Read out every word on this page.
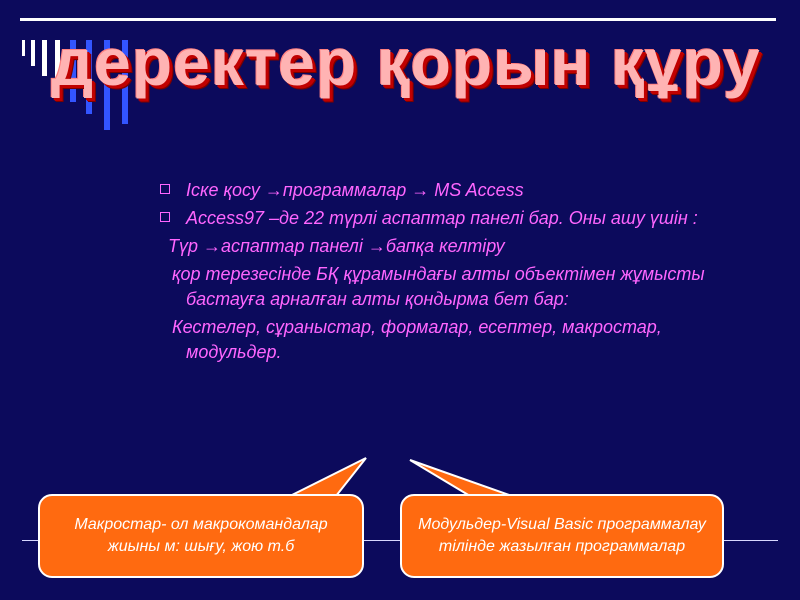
деректер қорын құру
Іске қосу →программалар → MS Access
Access97 –де 22 түрлі аспаптар панелі бар. Оны ашу үшін :
Түр →аспаптар панелі →бапқа келтіру
қор терезесінде БҚ құрамындағы алты объектімен жұмысты бастауға арналған алты қондырма бет бар:
Кестелер, сұраныстар, формалар, есептер, макростар, модульдер.
Макростар- ол макрокомандалар жиыны м: шығу, жою т.б
Модульдер-Visual Basic программалау тілінде жазылған программалар
